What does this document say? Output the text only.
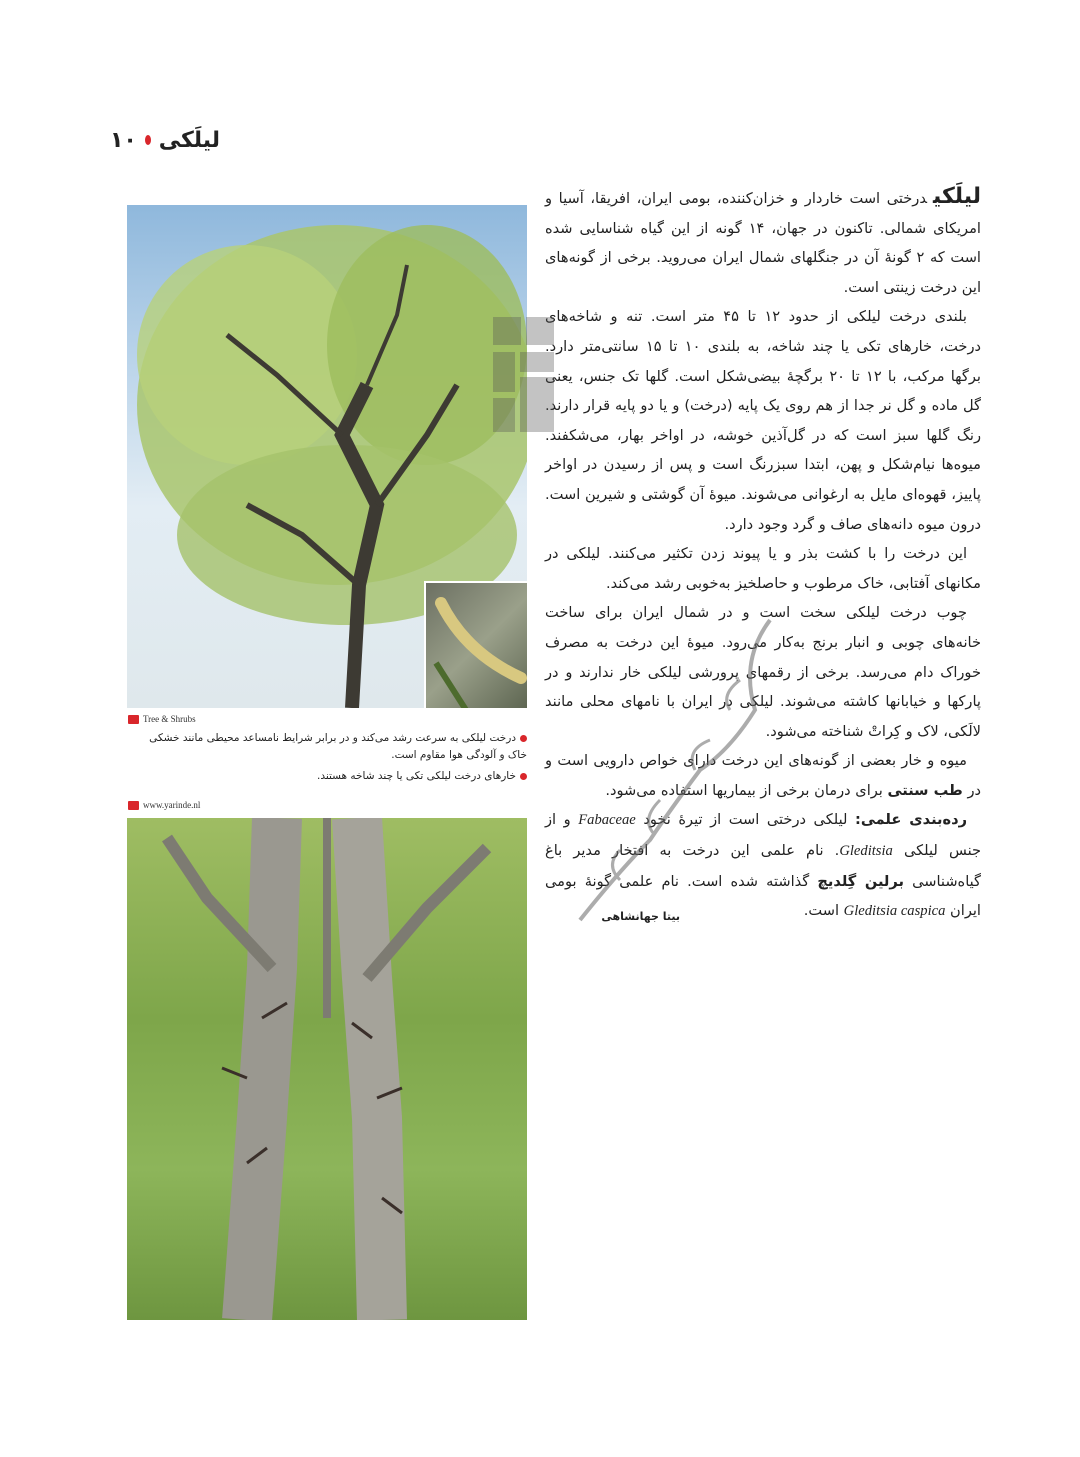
۱۰ لیلَکی
Tree & Shrubs
درخت لیلکی به سرعت رشد می‌کند و در برابر شرایط نامساعد محیطی مانند خشکی خاک و آلودگی هوا مقاوم است.
خارهای درخت لیلکی تکی یا چند شاخه هستند.
www.yarinde.nl

لیلَکیدرختی است خاردار و خزان‌کننده، بومی ایران، افریقا، آسیا و امریکای شمالی. تاکنون در جهان، ۱۴ گونه از این گیاه شناسایی شده است که ۲ گونهٔ آن در جنگلهای شمال ایران می‌روید. برخی از گونه‌های این درخت زینتی است.

بلندی درخت لیلکی از حدود ۱۲ تا ۴۵ متر است. تنه و شاخه‌های درخت، خارهای تکی یا چند شاخه، به بلندی ۱۰ تا ۱۵ سانتی‌متر دارد. برگها مرکب، با ۱۲ تا ۲۰ برگچهٔ بیضی‌شکل است. گلها تک جنس، یعنی گل ماده و گل نر جدا از هم روی یک پایه (درخت) و یا دو پایه قرار دارند. رنگ گلها سبز است که در گل‌آذین خوشه، در اواخر بهار، می‌شکفند. میوه‌ها نیام‌شکل و پهن، ابتدا سبزرنگ است و پس از رسیدن در اواخر پاییز، قهوه‌ای مایل به ارغوانی می‌شوند. میوهٔ آن گوشتی و شیرین است. درون میوه دانه‌های صاف و گرد وجود دارد.

این درخت را با کشت بذر و یا پیوند زدن تکثیر می‌کنند. لیلکی در مکانهای آفتابی، خاک مرطوب و حاصلخیز به‌خوبی رشد می‌کند.

چوب درخت لیلکی سخت است و در شمال ایران برای ساخت خانه‌های چوبی و انبار برنج به‌کار می‌رود. میوهٔ این درخت به مصرف خوراک دام می‌رسد. برخی از رقمهای پرورشی لیلکی خار ندارند و در پارکها و خیابانها کاشته می‌شوند. لیلکی در ایران با نامهای محلی مانند لالَکی، لاک و کِراتْ شناخته می‌شود.

میوه و خار بعضی از گونه‌های این درخت دارای خواص دارویی است و در طب سنتی برای درمان برخی از بیماریها استفاده می‌شود.

رده‌بندی علمی: لیلکی درختی است از تیرهٔ نخود Fabaceae و از جنس لیلکی Gleditsia. نام علمی این درخت به افتخار مدیر باغ گیاه‌شناسی برلین گِلدیچ گذاشته شده است. نام علمی گونهٔ بومی ایران Gleditsia caspica است.

بیتا جهانشاهی
